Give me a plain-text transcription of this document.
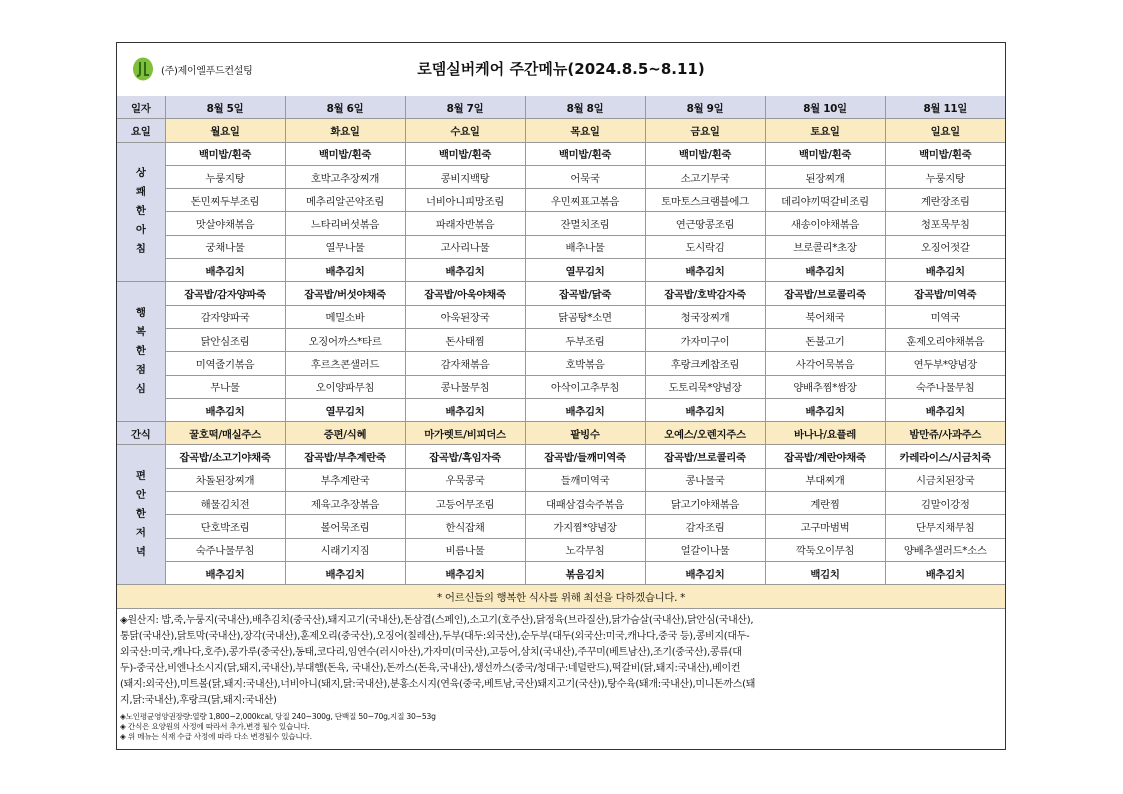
(주)제이엘푸드컨설팅	로뎀실버케어 주간메뉴(2024.8.5~8.11)
일자	8월 5일	8월 6일	8월 7일	8월 8일	8월 9일	8월 10일	8월 11일
요일	월요일	화요일	수요일	목요일	금요일	토요일	일요일

상
쾌
한
아
침	백미밥/흰죽	백미밥/흰죽	백미밥/흰죽	백미밥/흰죽	백미밥/흰죽	백미밥/흰죽	백미밥/흰죽
	누룽지탕	호박고추장찌개	콩비지백탕	어묵국	소고기무국	된장찌개	누룽지탕
	돈민찌두부조림	메추리알곤약조림	너비아니피망조림	우민찌표고볶음	토마토스크램블에그	데리야끼떡갈비조림	계란장조림
	맛살야채볶음	느타리버섯볶음	파래자반볶음	잔멸치조림	연근땅콩조림	새송이야채볶음	청포묵무침
	궁채나물	열무나물	고사리나물	배추나물	도시락김	브로콜리*초장	오징어젓갈
	배추김치	배추김치	배추김치	열무김치	배추김치	배추김치	배추김치

행
복
한
점
심	잡곡밥/감자양파죽	잡곡밥/버섯야채죽	잡곡밥/아욱야채죽	잡곡밥/닭죽	잡곡밥/호박감자죽	잡곡밥/브로콜리죽	잡곡밥/미역죽
	감자양파국	메밀소바	아욱된장국	닭곰탕*소면	청국장찌개	북어채국	미역국
	닭안심조림	오징어까스*타르	돈사태찜	두부조림	가자미구이	돈불고기	훈제오리야채볶음
	미역줄기볶음	후르츠콘샐러드	감자채볶음	호박볶음	후랑크케찹조림	사각어묵볶음	연두부*양념장
	무나물	오이양파무침	콩나물무침	아삭이고추무침	도토리묵*양념장	양배추찜*쌈장	숙주나물무침
	배추김치	열무김치	배추김치	배추김치	배추김치	배추김치	배추김치
간식	꿀호떡/매실주스	증편/식혜	마가렛트/비피더스	팥빙수	오예스/오렌지주스	바나나/요플레	밤만쥬/사과주스

편
안
한
저
녁	잡곡밥/소고기야채죽	잡곡밥/부추계란죽	잡곡밥/흑임자죽	잡곡밥/들깨미역죽	잡곡밥/브로콜리죽	잡곡밥/계란야채죽	카레라이스/시금치죽
	차돌된장찌개	부추계란국	우묵콩국	들깨미역국	콩나물국	부대찌개	시금치된장국
	해물김치전	제육고추장볶음	고등어무조림	대패삼겹숙주볶음	닭고기야채볶음	계란찜	김말이강정
	단호박조림	볼어묵조림	한식잡채	가지찜*양념장	감자조림	고구마범벅	단무지채무침
	숙주나물무침	시래기지짐	비름나물	노각무침	얼갈이나물	깍둑오이무침	양배추샐러드*소스
	배추김치	배추김치	배추김치	볶음김치	배추김치	백김치	배추김치
* 어르신들의 행복한 식사를 위해 최선을 다하겠습니다. *							
◈원산지: 밥,죽,누룽지(국내산),배추김치(중국산),돼지고기(국내산),돈삼겹(스페인),소고기(호주산),닭정육(브라질산),닭가슴살(국내산),닭안심(국내산),
통닭(국내산),닭토막(국내산),장각(국내산),훈제오리(중국산),오징어(칠레산),두부(대두:외국산),순두부(대두(외국산:미국,캐나다,중국 등),콩비지(대두-
외국산:미국,캐나다,호주),콩가루(중국산),동태,코다리,임연수(러시아산),가자미(미국산),고등어,삼치(국내산),주꾸미(베트남산),조기(중국산),콩류(대
두)-중국산,비엔나소시지(닭,돼지,국내산),부대햄(돈육, 국내산),돈까스(돈육,국내산),생선까스(중국/청대구:네덜란드),떡갈비(닭,돼지:국내산),베이컨
(돼지:외국산),미트볼(닭,돼지:국내산),너비아니(돼지,닭:국내산),분홍소시지(연육(중국,베트남,국산)돼지고기(국산)),탕수육(돼개:국내산),미니돈까스(돼
지,닭:국내산),후랑크(닭,돼지:국내산)
◈노인평균영양권장량:열량 1,800~2,000kcal, 당질 240~300g, 단백질 50~70g,지질 30~53g
◈ 간식은 요양원의 사정에 따라서 추가,변경 될수 있습니다.
◈ 위 메뉴는 식재 수급 사정에 따라 다소 변경될수 있습니다.
